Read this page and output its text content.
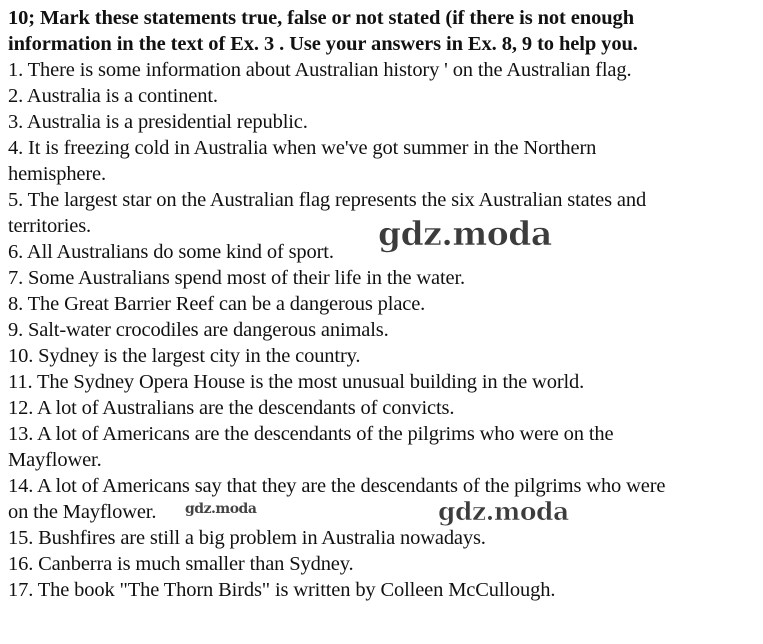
10; Mark these statements true, false or not stated (if there is not enough

information in the text of Ex. 3 . Use your answers in Ex. 8, 9 to help you.

1. There is some information about Australian history ' on the Australian flag.

2. Australia is a continent.

3. Australia is a presidential republic.

4. It is freezing cold in Australia when we've got summer in the Northern

hemisphere.

5. The largest star on the Australian flag represents the six Australian states and

territories.

6. All Australians do some kind of sport.

7. Some Australians spend most of their life in the water.

8. The Great Barrier Reef can be a dangerous place.

9. Salt-water crocodiles are dangerous animals.

10. Sydney is the largest city in the country.

11. The Sydney Opera House is the most unusual building in the world.

12. A lot of Australians are the descendants of convicts.

13. A lot of Americans are the descendants of the pilgrims who were on the

Mayflower.

14. A lot of Americans say that they are the descendants of the pilgrims who were

on the Mayflower.

15. Bushfires are still a big problem in Australia nowadays.

16. Canberra is much smaller than Sydney.

17. The book "The Thorn Birds" is written by Colleen McCullough.

gdz.moda
gdz.moda	gdz.moda
